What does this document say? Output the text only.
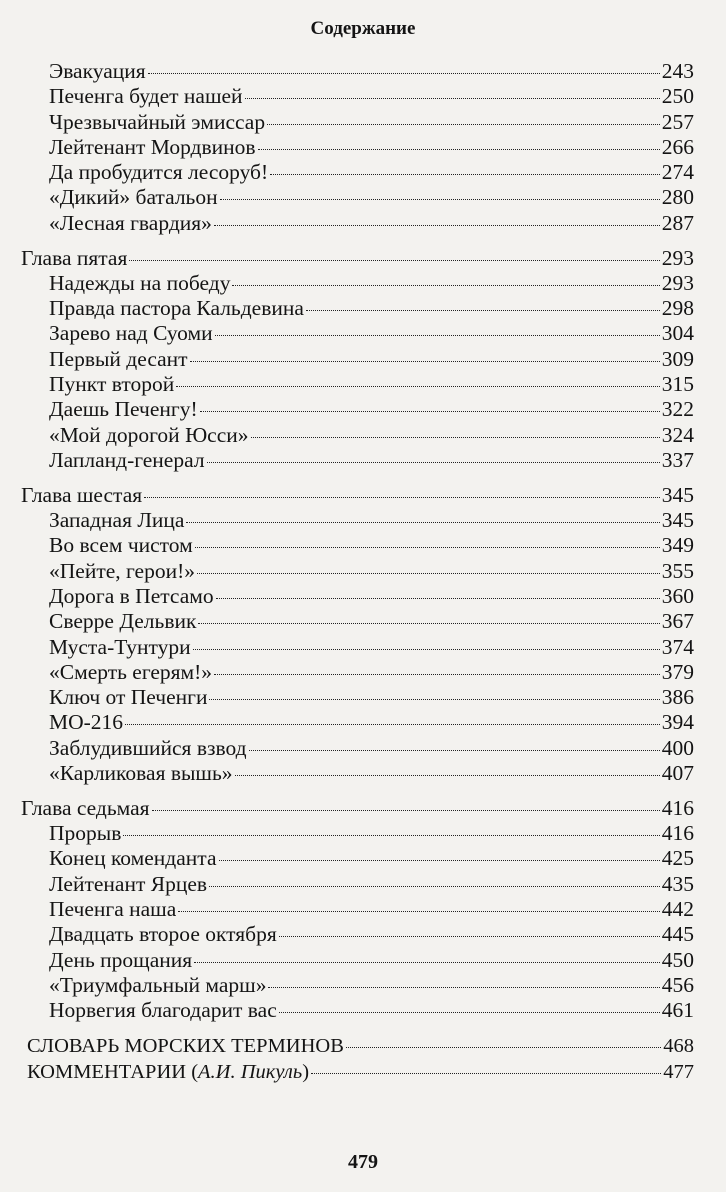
Содержание
Эвакуация	243
Печенга будет нашей	250
Чрезвычайный эмиссар	257
Лейтенант Мордвинов	266
Да пробудится лесоруб!	274
«Дикий» батальон	280
«Лесная гвардия»	287
Глава пятая	293
Надежды на победу	293
Правда пастора Кальдевина	298
Зарево над Суоми	304
Первый десант	309
Пункт второй	315
Даешь Печенгу!	322
«Мой дорогой Юсси»	324
Лапланд-генерал	337
Глава шестая	345
Западная Лица	345
Во всем чистом	349
«Пейте, герои!»	355
Дорога в Петсамо	360
Сверре Дельвик	367
Муста-Тунтури	374
«Смерть егерям!»	379
Ключ от Печенги	386
МО-216	394
Заблудившийся взвод	400
«Карликовая вышь»	407
Глава седьмая	416
Прорыв	416
Конец коменданта	425
Лейтенант Ярцев	435
Печенга наша	442
Двадцать второе октября	445
День прощания	450
«Триумфальный марш»	456
Норвегия благодарит вас	461
СЛОВАРЬ МОРСКИХ ТЕРМИНОВ	468
КОММЕНТАРИИ (А.И. Пикуль)	477
479
